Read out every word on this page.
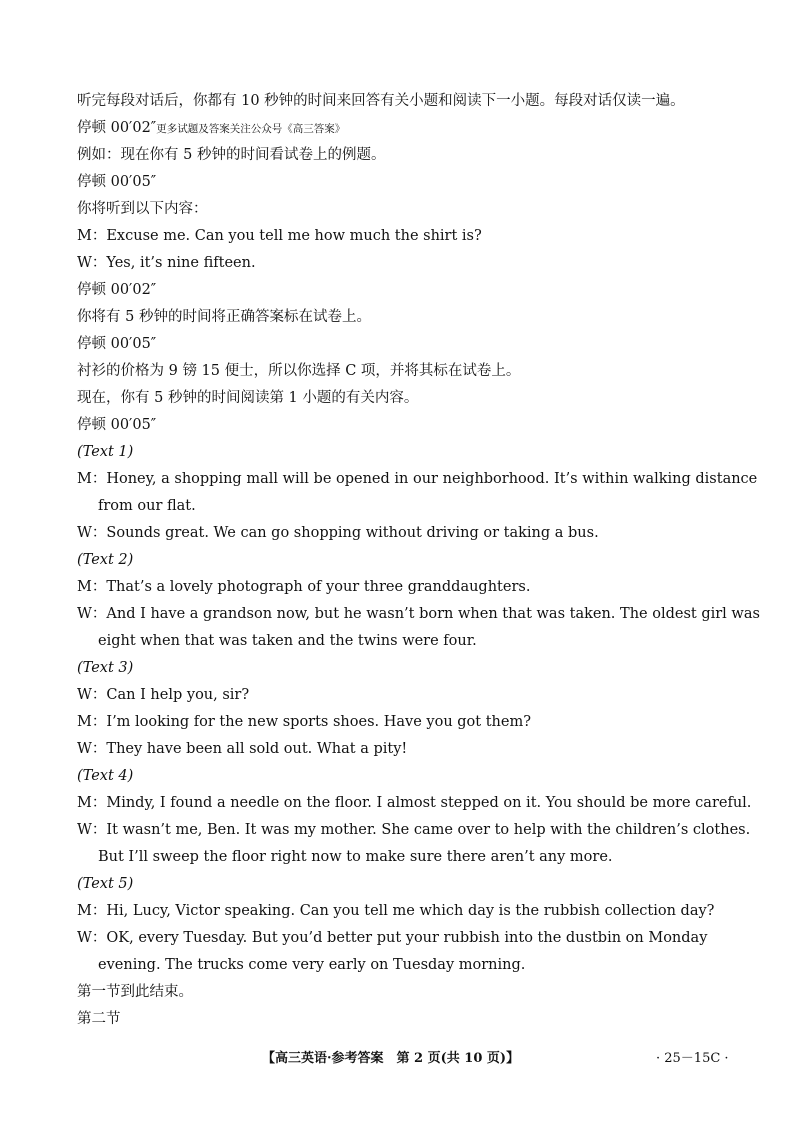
听完每段对话后，你都有 10 秒钟的时间来回答有关小题和阅读下一小题。每段对话仅读一遍。
停顿 00′02″更多试题及答案关注公众号《高三答案》
例如：现在你有 5 秒钟的时间看试卷上的例题。
停顿 00′05″
你将听到以下内容：
M：Excuse me. Can you tell me how much the shirt is?
W：Yes, it’s nine fifteen.
停顿 00′02″
你将有 5 秒钟的时间将正确答案标在试卷上。
停顿 00′05″
衬衫的价格为 9 镑 15 便士，所以你选择 C 项，并将其标在试卷上。
现在，你有 5 秒钟的时间阅读第 1 小题的有关内容。
停顿 00′05″
(Text 1)
M：Honey, a shopping mall will be opened in our neighborhood. It’s within walking distance
from our flat.
W：Sounds great. We can go shopping without driving or taking a bus.
(Text 2)
M：That’s a lovely photograph of your three granddaughters.
W：And I have a grandson now, but he wasn’t born when that was taken. The oldest girl was
eight when that was taken and the twins were four.
(Text 3)
W：Can I help you, sir?
M：I’m looking for the new sports shoes. Have you got them?
W：They have been all sold out. What a pity!
(Text 4)
M：Mindy, I found a needle on the floor. I almost stepped on it. You should be more careful.
W：It wasn’t me, Ben. It was my mother. She came over to help with the children’s clothes.
But I’ll sweep the floor right now to make sure there aren’t any more.
(Text 5)
M：Hi, Lucy, Victor speaking. Can you tell me which day is the rubbish collection day?
W：OK, every Tuesday. But you’d better put your rubbish into the dustbin on Monday
evening. The trucks come very early on Tuesday morning.
第一节到此结束。
第二节
【高三英语·参考答案　第 2 页(共 10 页)】	· 25－15C ·
